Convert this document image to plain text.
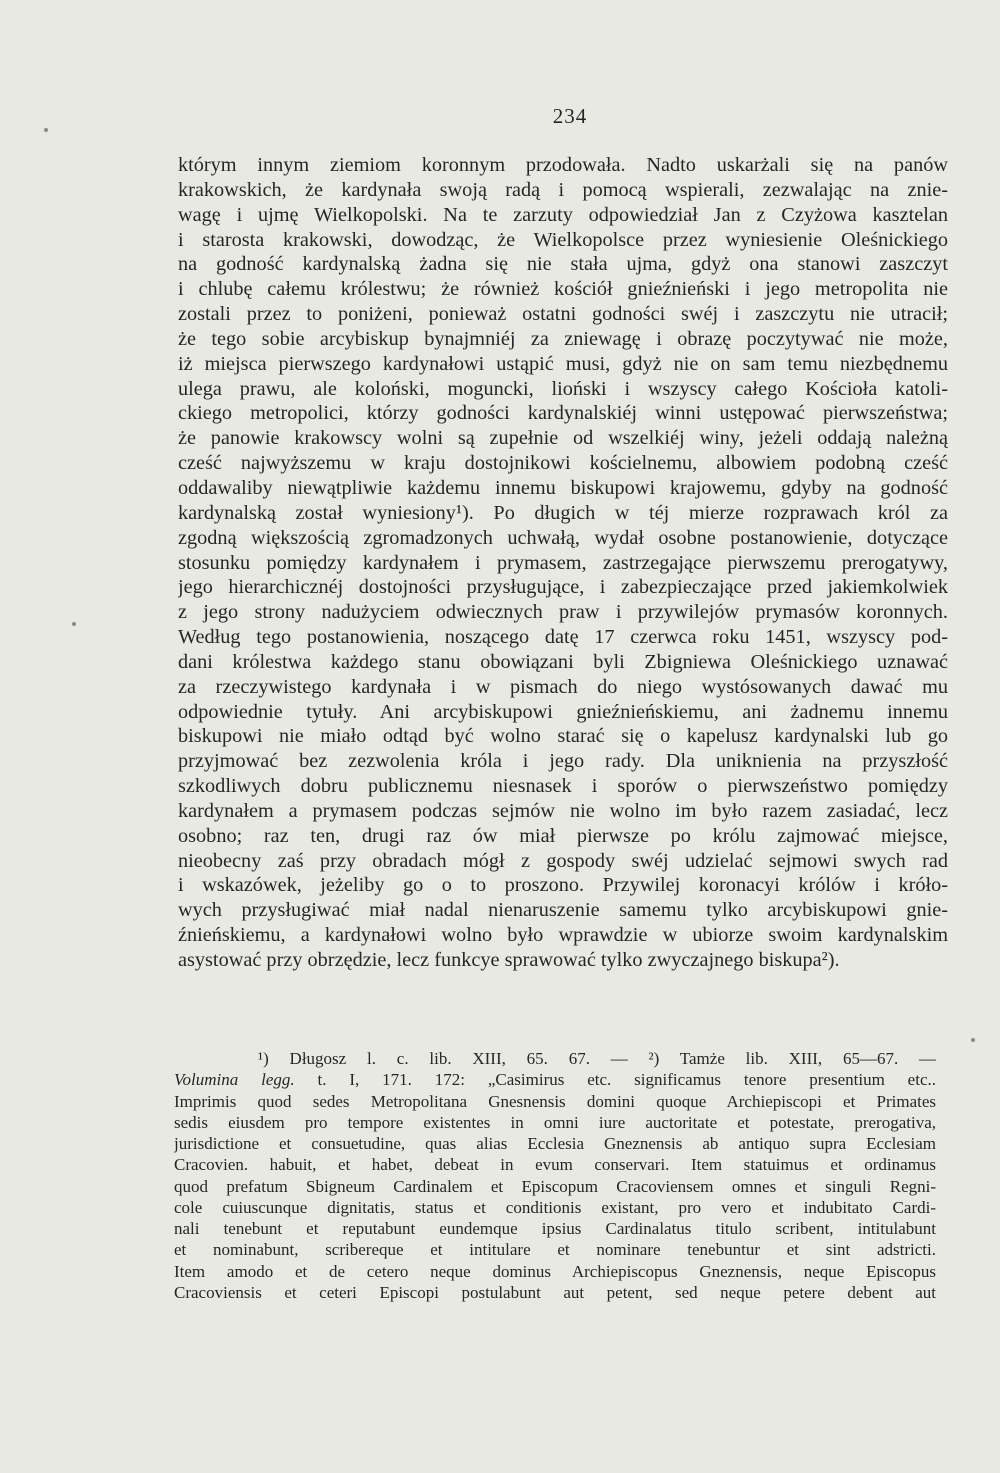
234
którym innym ziemiom koronnym przodowała. Nadto uskarżali się na panów
krakowskich, że kardynała swoją radą i pomocą wspierali, zezwalając na znie-
wagę i ujmę Wielkopolski. Na te zarzuty odpowiedział Jan z Czyżowa kasztelan
i starosta krakowski, dowodząc, że Wielkopolsce przez wyniesienie Oleśnickiego
na godność kardynalską żadna się nie stała ujma, gdyż ona stanowi zaszczyt
i chlubę całemu królestwu; że również kościół gnieźnieński i jego metropolita nie
zostali przez to poniżeni, ponieważ ostatni godności swéj i zaszczytu nie utracił;
że tego sobie arcybiskup bynajmniéj za zniewagę i obrazę poczytywać nie może,
iż miejsca pierwszego kardynałowi ustąpić musi, gdyż nie on sam temu niezbędnemu
ulega prawu, ale koloński, moguncki, lioński i wszyscy całego Kościoła katoli-
ckiego metropolici, którzy godności kardynalskiéj winni ustępować pierwszeństwa;
że panowie krakowscy wolni są zupełnie od wszelkiéj winy, jeżeli oddają należną
cześć najwyższemu w kraju dostojnikowi kościelnemu, albowiem podobną cześć
oddawaliby niewątpliwie każdemu innemu biskupowi krajowemu, gdyby na godność
kardynalską został wyniesiony¹). Po długich w téj mierze rozprawach król za
zgodną większością zgromadzonych uchwałą, wydał osobne postanowienie, dotyczące
stosunku pomiędzy kardynałem i prymasem, zastrzegające pierwszemu prerogatywy,
jego hierarchicznéj dostojności przysługujące, i zabezpieczające przed jakiemkolwiek
z jego strony nadużyciem odwiecznych praw i przywilejów prymasów koronnych.
Według tego postanowienia, noszącego datę 17 czerwca roku 1451, wszyscy pod-
dani królestwa każdego stanu obowiązani byli Zbigniewa Oleśnickiego uznawać
za rzeczywistego kardynała i w pismach do niego wystósowanych dawać mu
odpowiednie tytuły. Ani arcybiskupowi gnieźnieńskiemu, ani żadnemu innemu
biskupowi nie miało odtąd być wolno starać się o kapelusz kardynalski lub go
przyjmować bez zezwolenia króla i jego rady. Dla uniknienia na przyszłość
szkodliwych dobru publicznemu niesnasek i sporów o pierwszeństwo pomiędzy
kardynałem a prymasem podczas sejmów nie wolno im było razem zasiadać, lecz
osobno; raz ten, drugi raz ów miał pierwsze po królu zajmować miejsce,
nieobecny zaś przy obradach mógł z gospody swéj udzielać sejmowi swych rad
i wskazówek, jeżeliby go o to proszono. Przywilej koronacyi królów i króło-
wych przysługiwać miał nadal nienaruszenie samemu tylko arcybiskupowi gnie-
źnieńskiemu, a kardynałowi wolno było wprawdzie w ubiorze swoim kardynalskim
asystować przy obrzędzie, lecz funkcye sprawować tylko zwyczajnego biskupa²).
¹) Długosz l. c. lib. XIII, 65. 67. — ²) Tamże lib. XIII, 65—67. —
Volumina legg. t. I, 171. 172: „Casimirus etc. significamus tenore presentium etc..
Imprimis quod sedes Metropolitana Gnesnensis domini quoque Archiepiscopi et Primates
sedis eiusdem pro tempore existentes in omni iure auctoritate et potestate, prerogativa,
jurisdictione et consuetudine, quas alias Ecclesia Gneznensis ab antiquo supra Ecclesiam
Cracovien. habuit, et habet, debeat in evum conservari. Item statuimus et ordinamus
quod prefatum Sbigneum Cardinalem et Episcopum Cracoviensem omnes et singuli Regni-
cole cuiuscunque dignitatis, status et conditionis existant, pro vero et indubitato Cardi-
nali tenebunt et reputabunt eundemque ipsius Cardinalatus titulo scribent, intitulabunt
et nominabunt, scribereque et intitulare et nominare tenebuntur et sint adstricti.
Item amodo et de cetero neque dominus Archiepiscopus Gneznensis, neque Episcopus
Cracoviensis et ceteri Episcopi postulabunt aut petent, sed neque petere debent aut
